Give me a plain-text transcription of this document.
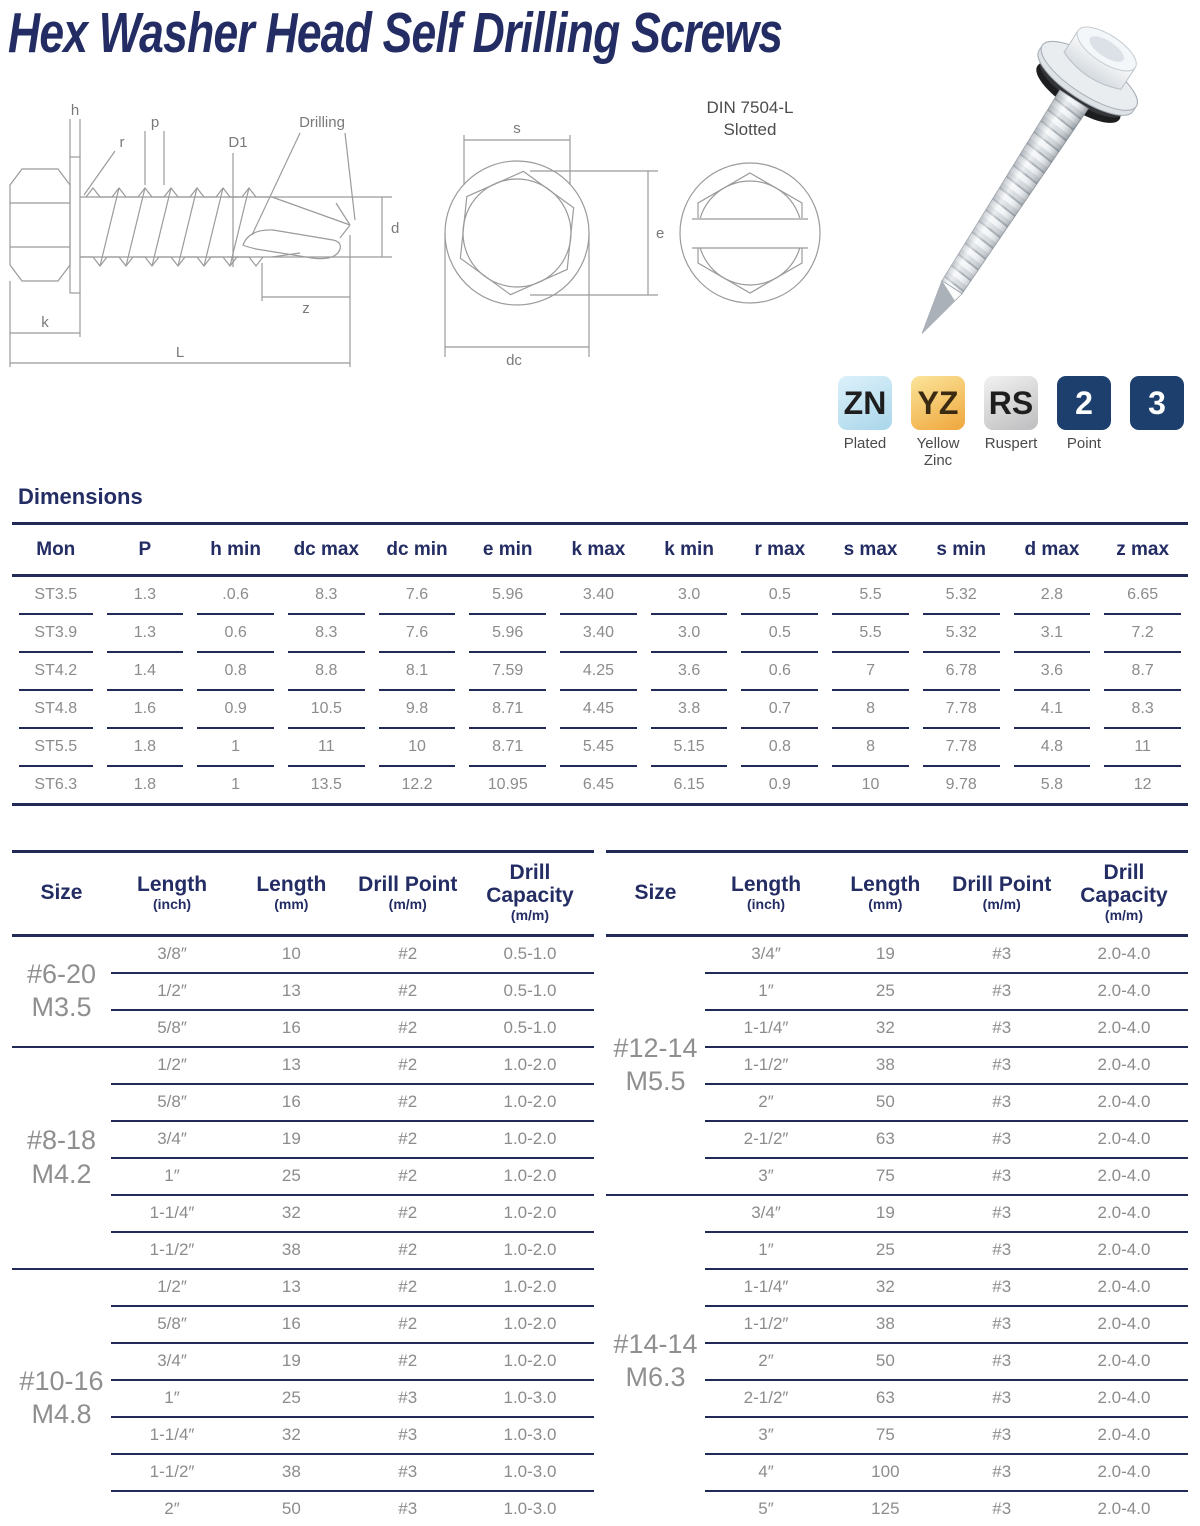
Hex Washer Head Self Drilling Screws
h
r
p
D1
Drilling
d
z
k
L
s
e
dc
DIN 7504-L
Slotted
ZN
Plated
YZ
Yellow Zinc
RS
Ruspert
2
Point
3
Dimensions
Mon	P	h min	dc max	dc min	e min	k max	k min	r max	s max	s min	d max	z max
ST3.5	1.3	.0.6	8.3	7.6	5.96	3.40	3.0	0.5	5.5	5.32	2.8	6.65
ST3.9	1.3	0.6	8.3	7.6	5.96	3.40	3.0	0.5	5.5	5.32	3.1	7.2
ST4.2	1.4	0.8	8.8	8.1	7.59	4.25	3.6	0.6	7	6.78	3.6	8.7
ST4.8	1.6	0.9	10.5	9.8	8.71	4.45	3.8	0.7	8	7.78	4.1	8.3
ST5.5	1.8	1	11	10	8.71	5.45	5.15	0.8	8	7.78	4.8	11
ST6.3	1.8	1	13.5	12.2	10.95	6.45	6.15	0.9	10	9.78	5.8	12
Size	Length
(inch)

Length
(mm)

Drill Point
(m/m)

Drill Capacity
(m/m)

#6-20
M3.5	3/8″	10	#2	0.5-1.0
	1/2″	13	#2	0.5-1.0
	5/8″	16	#2	0.5-1.0

#8-18
M4.2	1/2″	13	#2	1.0-2.0
	5/8″	16	#2	1.0-2.0
	3/4″	19	#2	1.0-2.0
	1″	25	#2	1.0-2.0
	1-1/4″	32	#2	1.0-2.0
	1-1/2″	38	#2	1.0-2.0

#10-16
M4.8	1/2″	13	#2	1.0-2.0
	5/8″	16	#2	1.0-2.0
	3/4″	19	#2	1.0-2.0
	1″	25	#3	1.0-3.0
	1-1/4″	32	#3	1.0-3.0
	1-1/2″	38	#3	1.0-3.0
	2″	50	#3	1.0-3.0
Size	Length
(inch)

Length
(mm)

Drill Point
(m/m)

Drill Capacity
(m/m)

#12-14
M5.5	3/4″	19	#3	2.0-4.0
	1″	25	#3	2.0-4.0
	1-1/4″	32	#3	2.0-4.0
	1-1/2″	38	#3	2.0-4.0
	2″	50	#3	2.0-4.0
	2-1/2″	63	#3	2.0-4.0
	3″	75	#3	2.0-4.0

#14-14
M6.3	3/4″	19	#3	2.0-4.0
	1″	25	#3	2.0-4.0
	1-1/4″	32	#3	2.0-4.0
	1-1/2″	38	#3	2.0-4.0
	2″	50	#3	2.0-4.0
	2-1/2″	63	#3	2.0-4.0
	3″	75	#3	2.0-4.0
	4″	100	#3	2.0-4.0
	5″	125	#3	2.0-4.0
